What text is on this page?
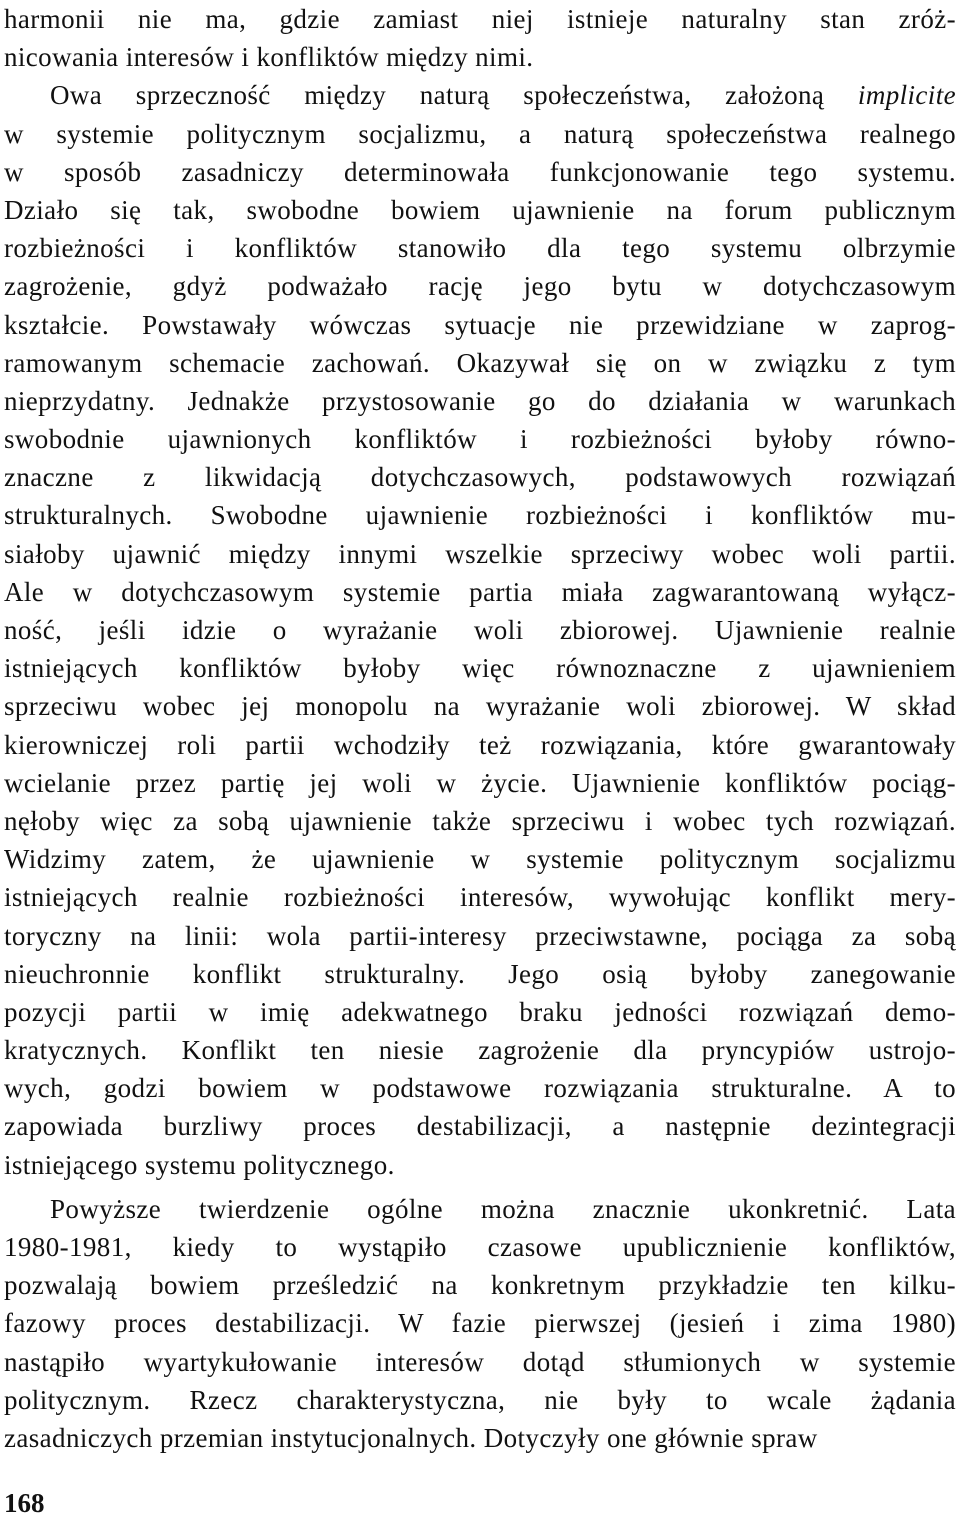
harmonii nie ma, gdzie zamiast niej istnieje naturalny stan zróż-
nicowania interesów i konfliktów między nimi.
Owa sprzeczność między naturą społeczeństwa, założoną implicite
w systemie politycznym socjalizmu, a naturą społeczeństwa realnego
w sposób zasadniczy determinowała funkcjonowanie tego systemu.
Działo się tak, swobodne bowiem ujawnienie na forum publicznym
rozbieżności i konfliktów stanowiło dla tego systemu olbrzymie
zagrożenie, gdyż podważało rację jego bytu w dotychczasowym
kształcie. Powstawały wówczas sytuacje nie przewidziane w zaprog-
ramowanym schemacie zachowań. Okazywał się on w związku z tym
nieprzydatny. Jednakże przystosowanie go do działania w warunkach
swobodnie ujawnionych konfliktów i rozbieżności byłoby równo-
znaczne z likwidacją dotychczasowych, podstawowych rozwiązań
strukturalnych. Swobodne ujawnienie rozbieżności i konfliktów mu-
siałoby ujawnić między innymi wszelkie sprzeciwy wobec woli partii.
Ale w dotychczasowym systemie partia miała zagwarantowaną wyłącz-
ność, jeśli idzie o wyrażanie woli zbiorowej. Ujawnienie realnie
istniejących konfliktów byłoby więc równoznaczne z ujawnieniem
sprzeciwu wobec jej monopolu na wyrażanie woli zbiorowej. W skład
kierowniczej roli partii wchodziły też rozwiązania, które gwarantowały
wcielanie przez partię jej woli w życie. Ujawnienie konfliktów pociąg-
nęłoby więc za sobą ujawnienie także sprzeciwu i wobec tych rozwiązań.
Widzimy zatem, że ujawnienie w systemie politycznym socjalizmu
istniejących realnie rozbieżności interesów, wywołując konflikt mery-
toryczny na linii: wola partii-interesy przeciwstawne, pociąga za sobą
nieuchronnie konflikt strukturalny. Jego osią byłoby zanegowanie
pozycji partii w imię adekwatnego braku jedności rozwiązań demo-
kratycznych. Konflikt ten niesie zagrożenie dla pryncypiów ustrojo-
wych, godzi bowiem w podstawowe rozwiązania strukturalne. A to
zapowiada burzliwy proces destabilizacji, a następnie dezintegracji
istniejącego systemu politycznego.
Powyższe twierdzenie ogólne można znacznie ukonkretnić. Lata
1980-1981, kiedy to wystąpiło czasowe upublicznienie konfliktów,
pozwalają bowiem prześledzić na konkretnym przykładzie ten kilku-
fazowy proces destabilizacji. W fazie pierwszej (jesień i zima 1980)
nastąpiło wyartykułowanie interesów dotąd stłumionych w systemie
politycznym. Rzecz charakterystyczna, nie były to wcale żądania
zasadniczych przemian instytucjonalnych. Dotyczyły one głównie spraw
168
